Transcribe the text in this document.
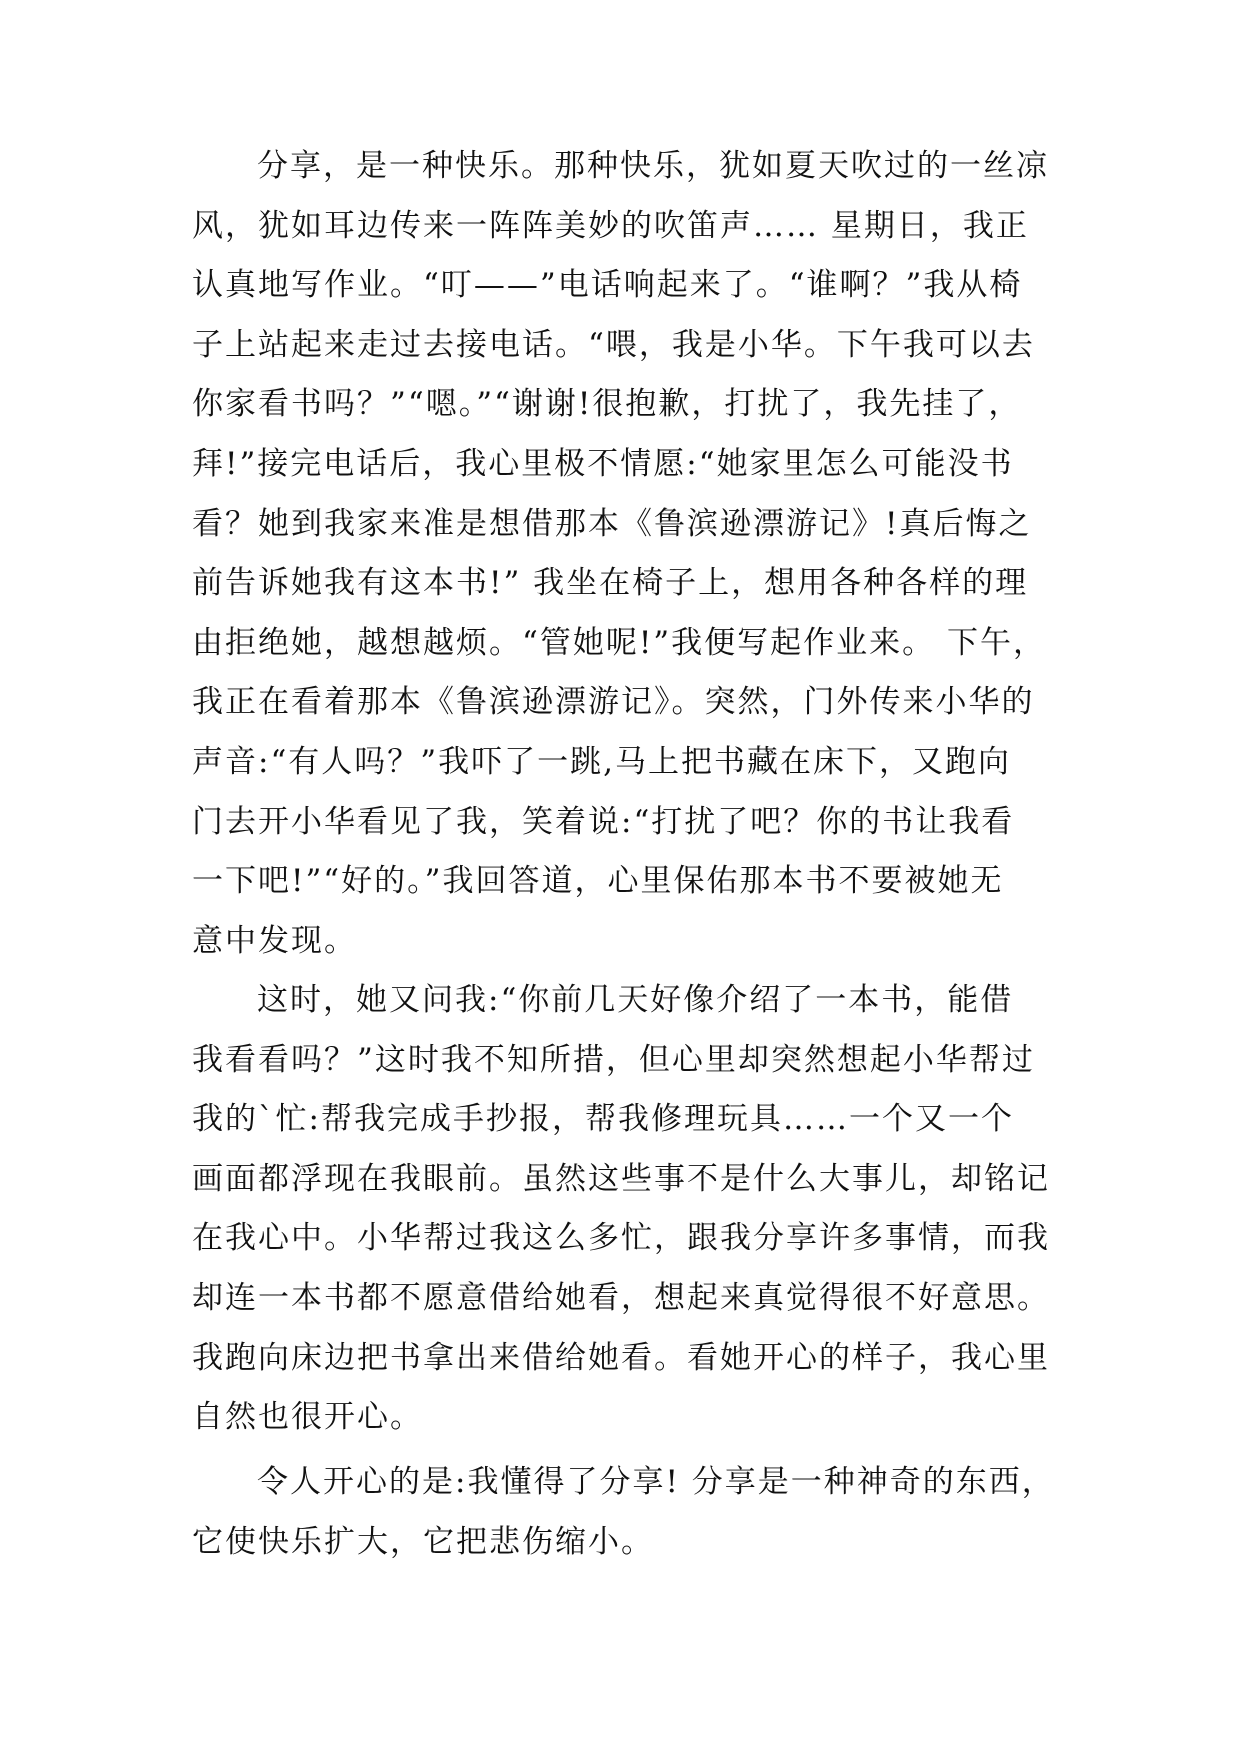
分享，是一种快乐。那种快乐，犹如夏天吹过的一丝凉
风，犹如耳边传来一阵阵美妙的吹笛声…… 星期日，我正
认真地写作业。“叮——”电话响起来了。“谁啊？”我从椅
子上站起来走过去接电话。“喂，我是小华。下午我可以去
你家看书吗？”“嗯。”“谢谢!很抱歉，打扰了，我先挂了，
拜!”接完电话后，我心里极不情愿:“她家里怎么可能没书
看？她到我家来准是想借那本《鲁滨逊漂游记》!真后悔之
前告诉她我有这本书!” 我坐在椅子上，想用各种各样的理
由拒绝她，越想越烦。“管她呢!”我便写起作业来。 下午，
我正在看着那本《鲁滨逊漂游记》。突然，门外传来小华的
声音:“有人吗？”我吓了一跳,马上把书藏在床下，又跑向
门去开小华看见了我，笑着说:“打扰了吧？你的书让我看
一下吧!”“好的。”我回答道，心里保佑那本书不要被她无
意中发现。
这时，她又问我:“你前几天好像介绍了一本书，能借
我看看吗？”这时我不知所措，但心里却突然想起小华帮过
我的`忙:帮我完成手抄报，帮我修理玩具……一个又一个
画面都浮现在我眼前。虽然这些事不是什么大事儿，却铭记
在我心中。小华帮过我这么多忙，跟我分享许多事情，而我
却连一本书都不愿意借给她看，想起来真觉得很不好意思。
我跑向床边把书拿出来借给她看。看她开心的样子，我心里
自然也很开心。
令人开心的是:我懂得了分享! 分享是一种神奇的东西，
它使快乐扩大，它把悲伤缩小。
